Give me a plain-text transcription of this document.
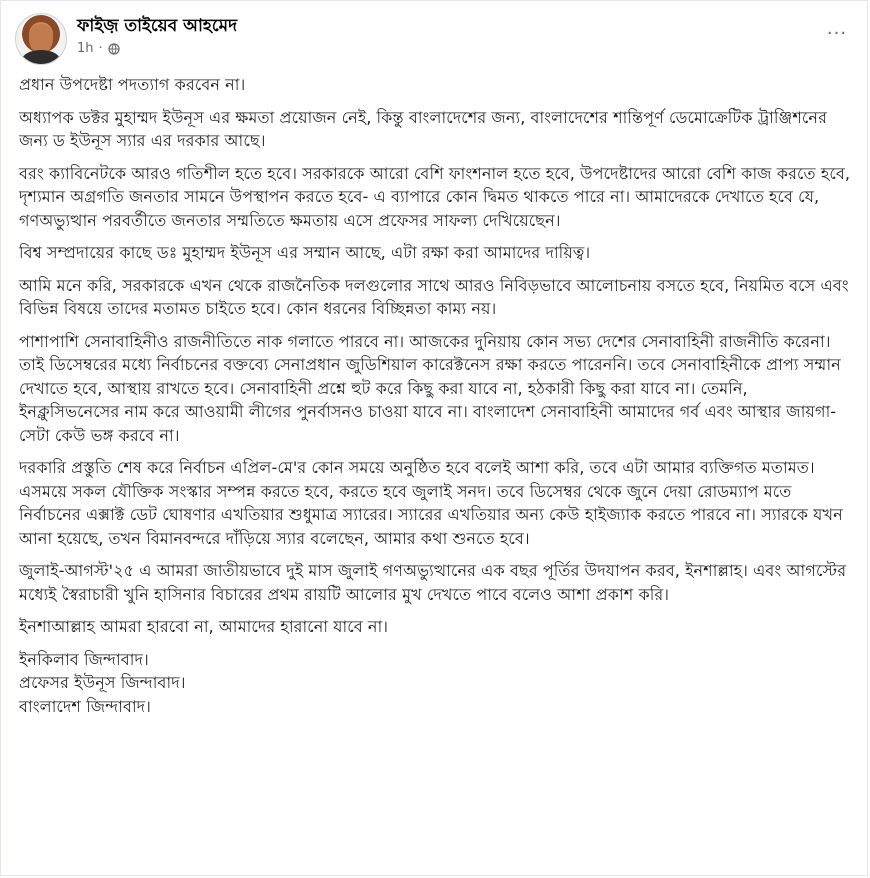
ফাইজ় তাইয়েব আহমেদ
1h ·
···

প্রধান উপদেষ্টা পদত্যাগ করবেন না।

অধ্যাপক ডক্টর মুহাম্মদ ইউনূস এর ক্ষমতা প্রয়োজন নেই, কিন্তু বাংলাদেশের জন্য, বাংলাদেশের শান্তিপূর্ণ ডেমোক্রেটিক ট্রাঞ্জিশনের জন্য ড ইউনূস স্যার এর দরকার আছে।

বরং ক্যাবিনেটকে আরও গতিশীল হতে হবে। সরকারকে আরো বেশি ফাংশনাল হতে হবে, উপদেষ্টাদের আরো বেশি কাজ করতে হবে, দৃশ্যমান অগ্রগতি জনতার সামনে উপস্থাপন করতে হবে- এ ব্যাপারে কোন দ্বিমত থাকতে পারে না। আমাদেরকে দেখাতে হবে যে, গণঅভ্যুত্থান পরবর্তীতে জনতার সম্মতিতে ক্ষমতায় এসে প্রফেসর সাফল্য দেখিয়েছেন।

বিশ্ব সম্প্রদায়ের কাছে ডঃ মুহাম্মদ ইউনূস এর সম্মান আছে, এটা রক্ষা করা আমাদের দায়িত্ব।

আমি মনে করি, সরকারকে এখন থেকে রাজনৈতিক দলগুলোর সাথে আরও নিবিড়ভাবে আলোচনায় বসতে হবে, নিয়মিত বসে এবং বিভিন্ন বিষয়ে তাদের মতামত চাইতে হবে। কোন ধরনের বিচ্ছিন্নতা কাম্য নয়।

পাশাপাশি সেনাবাহিনীও রাজনীতিতে নাক গলাতে পারবে না। আজকের দুনিয়ায় কোন সভ্য দেশের সেনাবাহিনী রাজনীতি করেনা। তাই ডিসেম্বরের মধ্যে নির্বাচনের বক্তব্যে সেনাপ্রধান জুডিশিয়াল কারেক্টনেস রক্ষা করতে পারেননি। তবে সেনাবাহিনীকে প্রাপ্য সম্মান দেখাতে হবে, আস্থায় রাখতে হবে। সেনাবাহিনী প্রশ্নে হুট করে কিছু করা যাবে না, হঠকারী কিছু করা যাবে না। তেমনি, ইনক্লুসিভনেসের নাম করে আওয়ামী লীগের পুনর্বাসনও চাওয়া যাবে না। বাংলাদেশ সেনাবাহিনী আমাদের গর্ব এবং আস্থার জায়গা- সেটা কেউ ভঙ্গ করবে না।

দরকারি প্রস্তুতি শেষ করে নির্বাচন এপ্রিল-মে'র কোন সময়ে অনুষ্ঠিত হবে বলেই আশা করি, তবে এটা আমার ব্যক্তিগত মতামত। এসময়ে সকল যৌক্তিক সংস্কার সম্পন্ন করতে হবে, করতে হবে জুলাই সনদ। তবে ডিসেম্বর থেকে জুনে দেয়া রোডম্যাপ মতে নির্বাচনের এক্সাক্ট ডেট ঘোষণার এখতিয়ার শুধুমাত্র স্যারের। স্যারের এখতিয়ার অন্য কেউ হাইজ্যাক করতে পারবে না। স্যারকে যখন আনা হয়েছে, তখন বিমানবন্দরে দাঁড়িয়ে স্যার বলেছেন, আমার কথা শুনতে হবে।

জুলাই-আগস্ট'২৫ এ আমরা জাতীয়ভাবে দুই মাস জুলাই গণঅভ্যুত্থানের এক বছর পূর্তির উদযাপন করব, ইনশাল্লাহ। এবং আগস্টের মধ্যেই স্বৈরাচারী খুনি হাসিনার বিচারের প্রথম রায়টি আলোর মুখ দেখতে পাবে বলেও আশা প্রকাশ করি।

ইনশাআল্লাহ আমরা হারবো না, আমাদের হারানো যাবে না।

ইনকিলাব জিন্দাবাদ।

প্রফেসর ইউনূস জিন্দাবাদ।

বাংলাদেশ জিন্দাবাদ।
